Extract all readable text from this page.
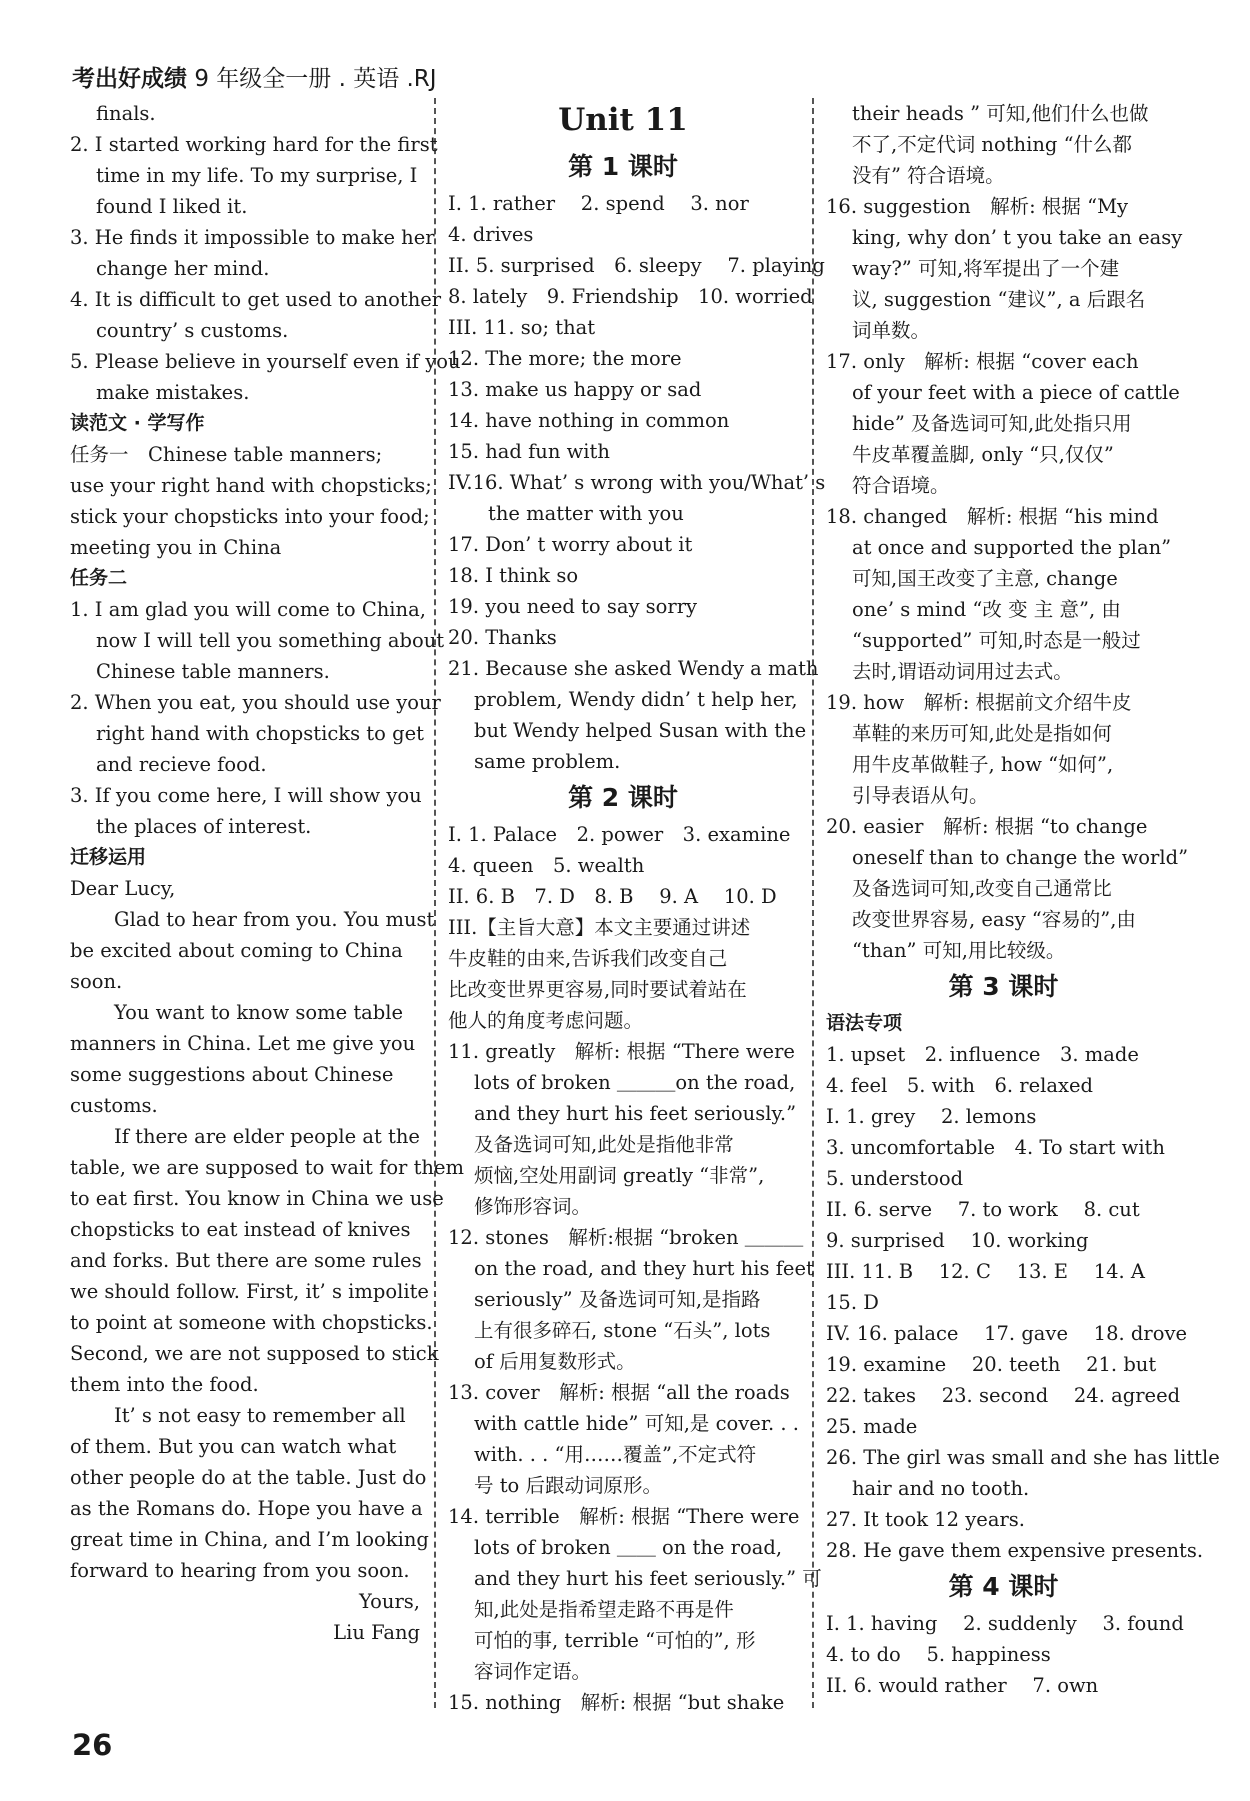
考出好成绩 9 年级全一册 . 英语 .RJ
finals.
2. I started working hard for the first
time in my life. To my surprise, I
found I liked it.
3. He finds it impossible to make her
change her mind.
4. It is difficult to get used to another
country’ s customs.
5. Please believe in yourself even if you
make mistakes.
读范文 · 学写作
任务一　Chinese table manners;
use your right hand with chopsticks;
stick your chopsticks into your food;
meeting you in China
任务二
1. I am glad you will come to China,
now I will tell you something about
Chinese table manners.
2. When you eat, you should use your
right hand with chopsticks to get
and recieve food.
3. If you come here, I will show you
the places of interest.
迁移运用
Dear Lucy,
Glad to hear from you. You must
be excited about coming to China
soon.
You want to know some table
manners in China. Let me give you
some suggestions about Chinese
customs.
If there are elder people at the
table, we are supposed to wait for them
to eat first. You know in China we use
chopsticks to eat instead of knives
and forks. But there are some rules
we should follow. First, it’ s impolite
to point at someone with chopsticks.
Second, we are not supposed to stick
them into the food.
It’ s not easy to remember all
of them. But you can watch what
other people do at the table. Just do
as the Romans do. Hope you have a
great time in China, and I’m looking
forward to hearing from you soon.
Yours,
Liu Fang
Unit 11
第 1 课时
I. 1. rather　 2. spend　 3. nor
4. drives
II. 5. surprised　6. sleepy　 7. playing
8. lately　9. Friendship　10. worried
III. 11. so; that
12. The more; the more
13. make us happy or sad
14. have nothing in common
15. had fun with
IV.16. What’ s wrong with you/What’ s
the matter with you
17. Don’ t worry about it
18. I think so
19. you need to say sorry
20. Thanks
21. Because she asked Wendy a math
problem, Wendy didn’ t help her,
but Wendy helped Susan with the
same problem.
第 2 课时
I. 1. Palace　2. power　3. examine
4. queen　5. wealth
II. 6. B　7. D　8. B　 9. A　 10. D
III.【主旨大意】本文主要通过讲述
牛皮鞋的由来,告诉我们改变自己
比改变世界更容易,同时要试着站在
他人的角度考虑问题。
11. greatly　解析: 根据 “There were
lots of broken ＿＿＿on the road,
and they hurt his feet seriously.”
及备选词可知,此处是指他非常
烦恼,空处用副词 greatly “非常”,
修饰形容词。
12. stones　解析:根据 “broken ＿＿＿
on the road, and they hurt his feet
seriously” 及备选词可知,是指路
上有很多碎石, stone “石头”, lots
of 后用复数形式。
13. cover　解析: 根据 “all the roads
with cattle hide” 可知,是 cover. . .
with. . . “用……覆盖”,不定式符
号 to 后跟动词原形。
14. terrible　解析: 根据 “There were
lots of broken ＿＿ on the road,
and they hurt his feet seriously.” 可
知,此处是指希望走路不再是件
可怕的事, terrible “可怕的”, 形
容词作定语。
15. nothing　解析: 根据 “but shake
their heads ” 可知,他们什么也做
不了,不定代词 nothing “什么都
没有” 符合语境。
16. suggestion　解析: 根据 “My
king, why don’ t you take an easy
way?” 可知,将军提出了一个建
议, suggestion “建议”, a 后跟名
词单数。
17. only　解析: 根据 “cover each
of your feet with a piece of cattle
hide” 及备选词可知,此处指只用
牛皮革覆盖脚, only “只,仅仅”
符合语境。
18. changed　解析: 根据 “his mind
at once and supported the plan”
可知,国王改变了主意, change
one’ s mind “改 变 主 意”, 由
“supported” 可知,时态是一般过
去时,谓语动词用过去式。
19. how　解析: 根据前文介绍牛皮
革鞋的来历可知,此处是指如何
用牛皮革做鞋子, how “如何”,
引导表语从句。
20. easier　解析: 根据 “to change
oneself than to change the world”
及备选词可知,改变自己通常比
改变世界容易, easy “容易的”,由
“than” 可知,用比较级。
第 3 课时
语法专项
1. upset　2. influence　3. made
4. feel　5. with　6. relaxed
I. 1. grey　 2. lemons
3. uncomfortable　4. To start with
5. understood
II. 6. serve　 7. to work　 8. cut
9. surprised　 10. working
III. 11. B　 12. C　 13. E　 14. A
15. D
IV. 16. palace　 17. gave　 18. drove
19. examine　 20. teeth　 21. but
22. takes　 23. second　 24. agreed
25. made
26. The girl was small and she has little
hair and no tooth.
27. It took 12 years.
28. He gave them expensive presents.
第 4 课时
I. 1. having　 2. suddenly　 3. found
4. to do　 5. happiness
II. 6. would rather　 7. own
26
